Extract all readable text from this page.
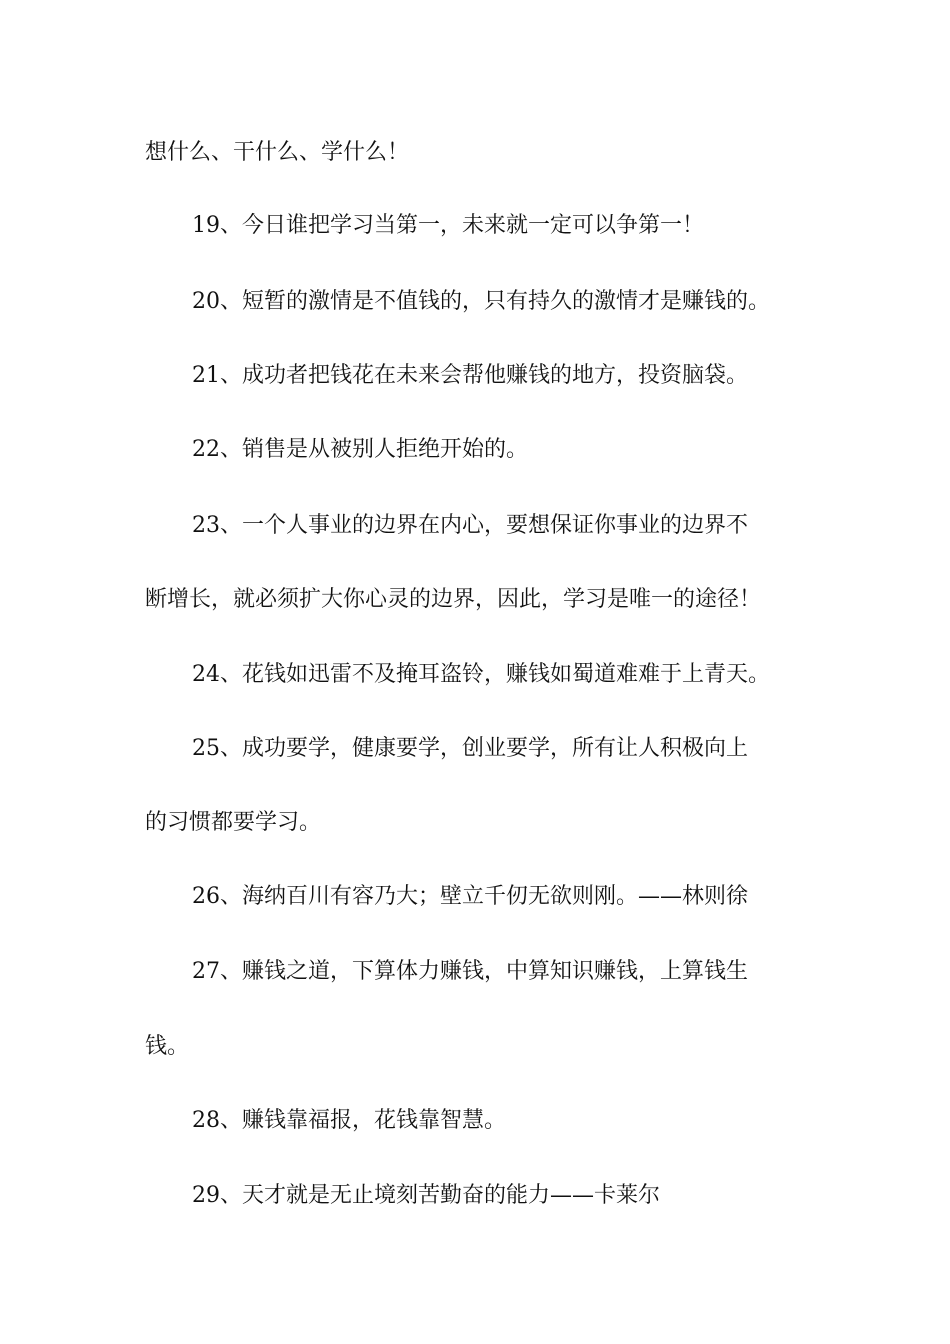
想什么、干什么、学什么！
19、今日谁把学习当第一，未来就一定可以争第一！
20、短暂的激情是不值钱的，只有持久的激情才是赚钱的。
21、成功者把钱花在未来会帮他赚钱的地方，投资脑袋。
22、销售是从被别人拒绝开始的。
23、一个人事业的边界在内心，要想保证你事业的边界不
断增长，就必须扩大你心灵的边界，因此，学习是唯一的途径！
24、花钱如迅雷不及掩耳盗铃，赚钱如蜀道难难于上青天。
25、成功要学，健康要学，创业要学，所有让人积极向上
的习惯都要学习。
26、海纳百川有容乃大；壁立千仞无欲则刚。——林则徐
27、赚钱之道，下算体力赚钱，中算知识赚钱，上算钱生
钱。
28、赚钱靠福报，花钱靠智慧。
29、天才就是无止境刻苦勤奋的能力——卡莱尔
